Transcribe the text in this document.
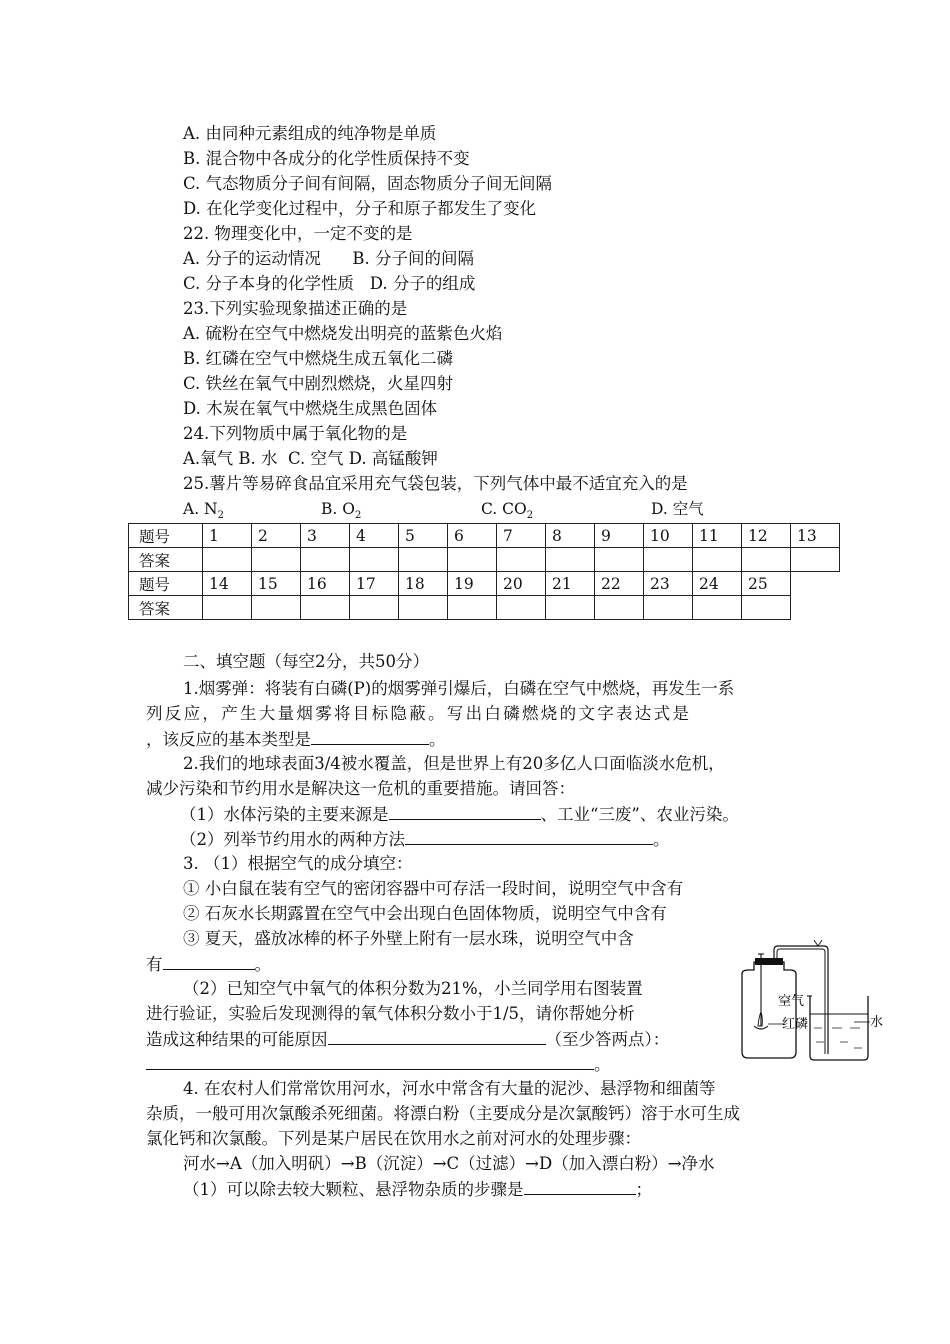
A. 由同种元素组成的纯净物是单质
B. 混合物中各成分的化学性质保持不变
C. 气态物质分子间有间隔，固态物质分子间无间隔
D. 在化学变化过程中，分子和原子都发生了变化
22. 物理变化中，一定不变的是
A. 分子的运动情况      B. 分子间的间隔
C. 分子本身的化学性质   D. 分子的组成
23.下列实验现象描述正确的是
A. 硫粉在空气中燃烧发出明亮的蓝紫色火焰
B. 红磷在空气中燃烧生成五氧化二磷
C. 铁丝在氧气中剧烈燃烧，火星四射
D. 木炭在氧气中燃烧生成黑色固体
24.下列物质中属于氧化物的是
A.氧气 B. 水  C. 空气 D. 高锰酸钾
25.薯片等易碎食品宜采用充气袋包装，下列气体中最不适宜充入的是
A. $N_2$	B. $O_2$	C. $CO_2$	D. 空气
题号	1	2	3	4	5	6	7	8	9	10	11	12	13
答案													
题号	14	15	16	17	18	19	20	21	22	23	24	25	
答案													
二、填空题（每空2分，共50分）
1.烟雾弹：将装有白磷(P)的烟雾弹引爆后，白磷在空气中燃烧，再发生一系
列反应，产生大量烟雾将目标隐蔽。写出白磷燃烧的文字表达式是
，该反应的基本类型是	。
2.我们的地球表面3/4被水覆盖，但是世界上有20多亿人口面临淡水危机，
减少污染和节约用水是解决这一危机的重要措施。请回答：
（1）水体污染的主要来源是	、工业“三废”、农业污染。
（2）列举节约用水的两种方法	。
3. （1）根据空气的成分填空：
① 小白鼠在装有空气的密闭容器中可存活一段时间，说明空气中含有
② 石灰水长期露置在空气中会出现白色固体物质，说明空气中含有
③ 夏天，盛放冰棒的杯子外壁上附有一层水珠，说明空气中含
有	。
（2）已知空气中氧气的体积分数为21%，小兰同学用右图装置
进行验证，实验后发现测得的氧气体积分数小于1/5，请你帮她分析
造成这种结果的可能原因	（至少答两点）：
。
空气
红磷	水
4. 在农村人们常常饮用河水，河水中常含有大量的泥沙、悬浮物和细菌等
杂质，一般可用次氯酸杀死细菌。将漂白粉（主要成分是次氯酸钙）溶于水可生成
氯化钙和次氯酸。下列是某户居民在饮用水之前对河水的处理步骤：
河水→A（加入明矾）→B（沉淀）→C（过滤）→D（加入漂白粉）→净水
（1）可以除去较大颗粒、悬浮物杂质的步骤是	；
